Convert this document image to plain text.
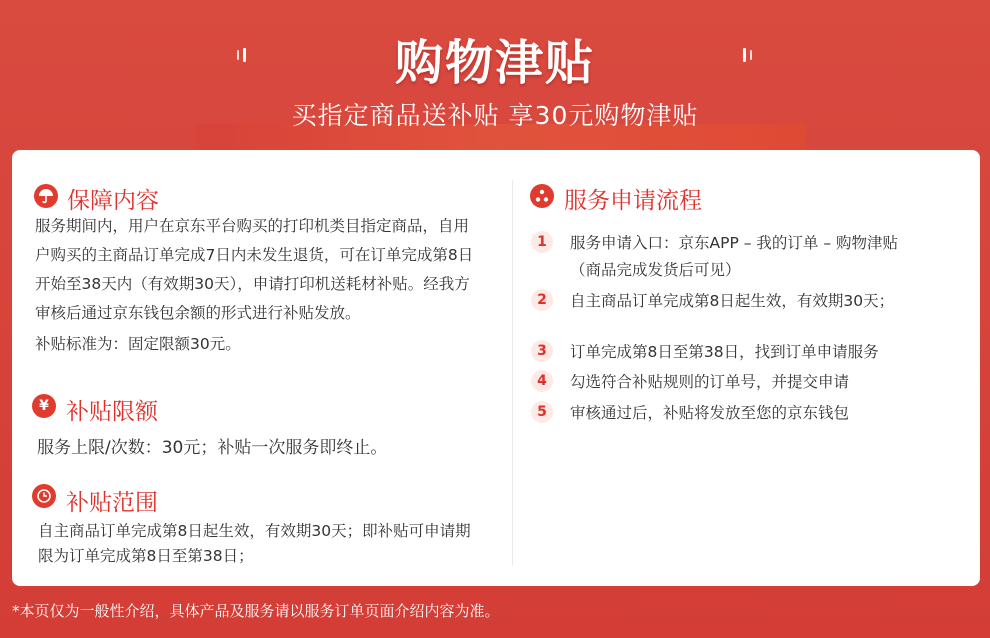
购物津贴
买指定商品送补贴 享30元购物津贴
保障内容
服务期间内，用户在京东平台购买的打印机类目指定商品，自用
户购买的主商品订单完成7日内未发生退货，可在订单完成第8日
开始至38天内（有效期30天），申请打印机送耗材补贴。经我方
审核后通过京东钱包余额的形式进行补贴发放。
补贴标准为：固定限额30元。
¥ 补贴限额
服务上限/次数：30元；补贴一次服务即终止。
补贴范围
自主商品订单完成第8日起生效，有效期30天；即补贴可申请期
限为订单完成第8日至第38日；
服务申请流程
1	服务申请入口：京东APP – 我的订单 – 购物津贴
（商品完成发货后可见）
2	自主商品订单完成第8日起生效，有效期30天；
3	订单完成第8日至第38日，找到订单申请服务
4	勾选符合补贴规则的订单号，并提交申请
5	审核通过后，补贴将发放至您的京东钱包
*本页仅为一般性介绍，具体产品及服务请以服务订单页面介绍内容为准。
